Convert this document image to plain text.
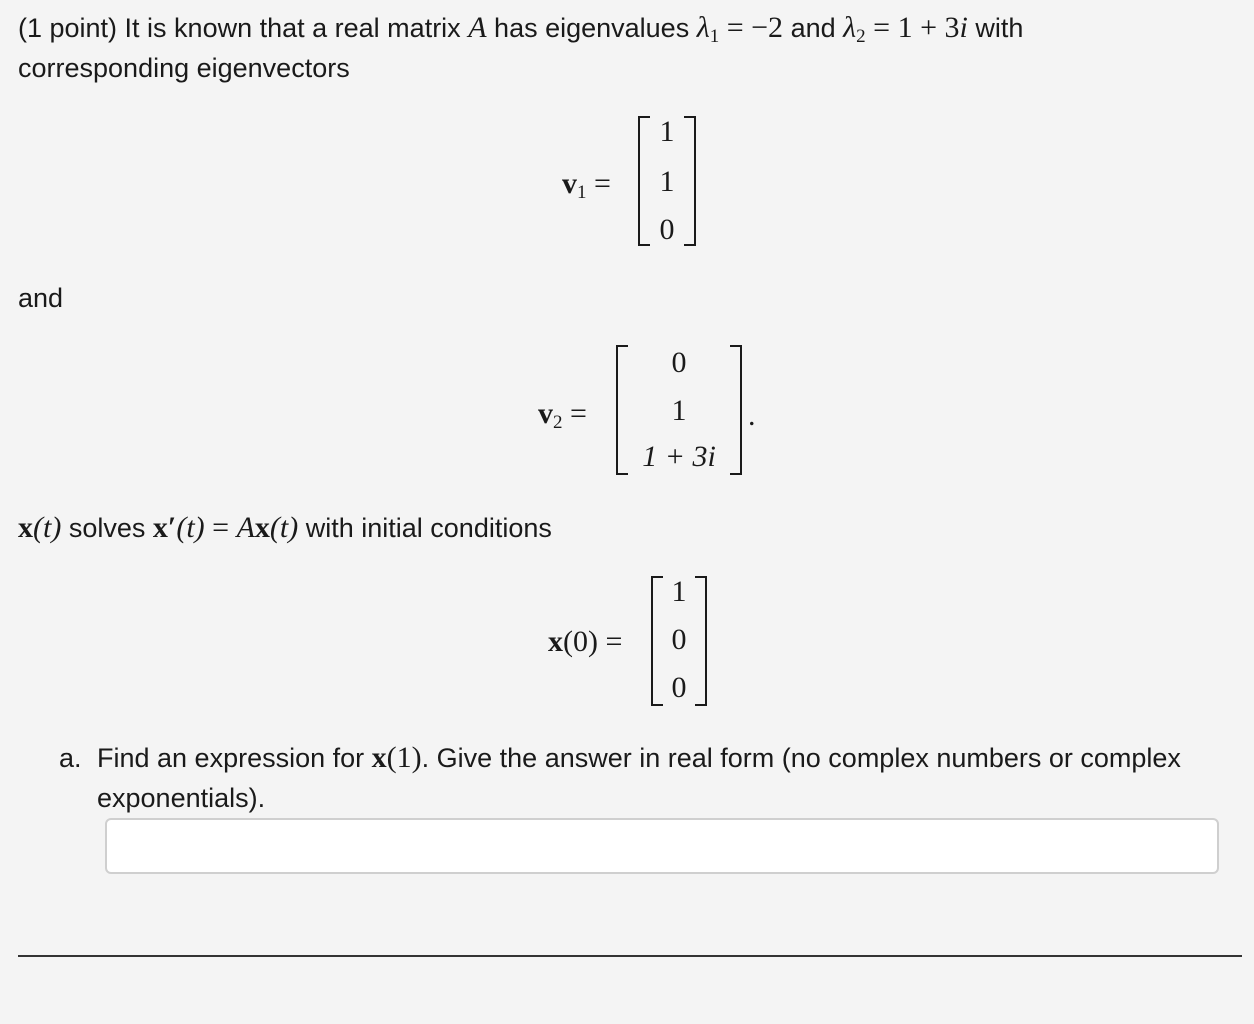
(1 point) It is known that a real matrix A has eigenvalues $\lambda_1 = -2$ and $\lambda_2 = 1 + 3i$ with
corresponding eigenvectors
$v_1$ =
1
1
0
and
$v_2$ =
0
1
1 + 3i
.
x(t) solves x′(t) = Ax(t) with initial conditions
x(0) =
1
0
0
a. Find an expression for x(1). Give the answer in real form (no complex numbers or complex
exponentials).
